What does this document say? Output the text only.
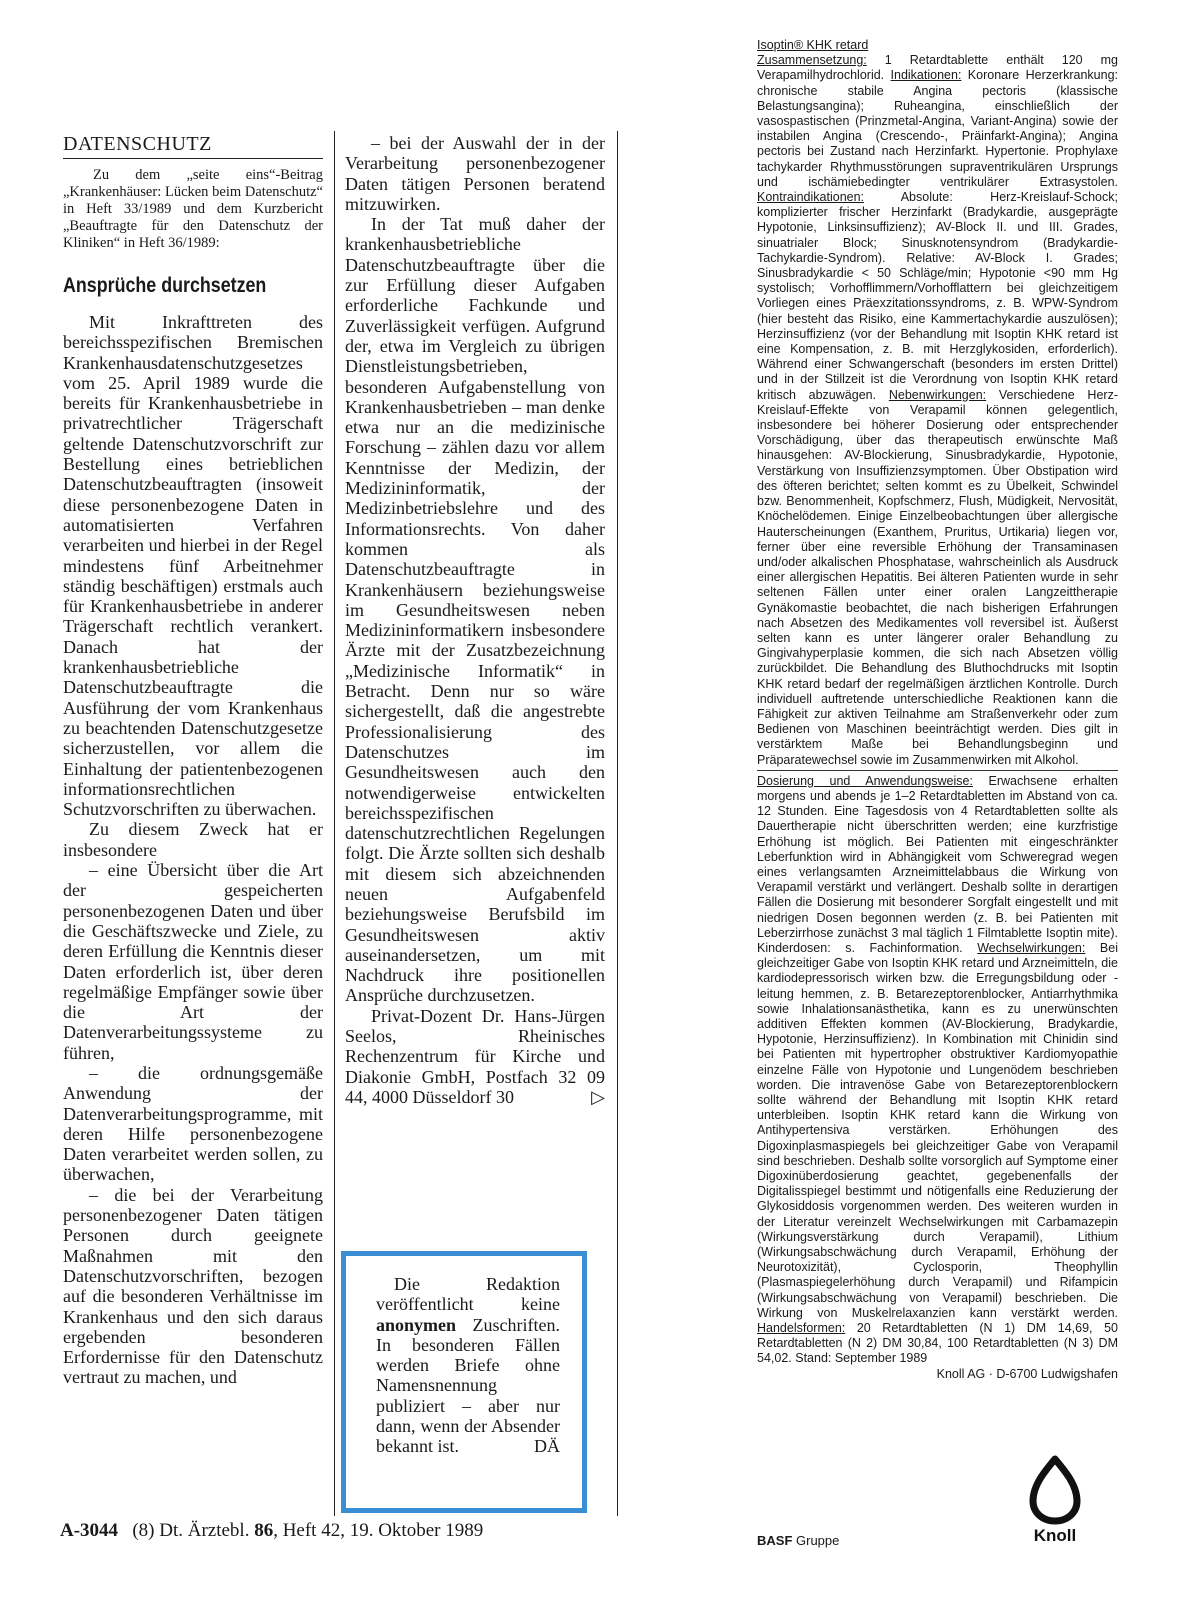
DATENSCHUTZ

Zu dem „seite eins“-Beitrag „Krankenhäuser: Lücken beim Datenschutz“ in Heft 33/1989 und dem Kurzbericht „Beauftragte für den Datenschutz der Kliniken“ in Heft 36/1989:

Ansprüche durchsetzen

Mit Inkrafttreten des bereichsspezifischen Bremischen Krankenhausdatenschutzgesetzes vom 25. April 1989 wurde die bereits für Krankenhausbetriebe in privatrechtlicher Trägerschaft geltende Datenschutzvorschrift zur Bestellung eines betrieblichen Datenschutzbeauftragten (insoweit diese personenbezogene Daten in automatisierten Verfahren verarbeiten und hierbei in der Regel mindestens fünf Arbeitnehmer ständig beschäftigen) erstmals auch für Krankenhausbetriebe in anderer Trägerschaft rechtlich verankert. Danach hat der krankenhausbetriebliche Datenschutzbeauftragte die Ausführung der vom Krankenhaus zu beachtenden Datenschutzgesetze sicherzustellen, vor allem die Einhaltung der patientenbezogenen informationsrechtlichen Schutzvorschriften zu überwachen.

Zu diesem Zweck hat er insbesondere

– eine Übersicht über die Art der gespeicherten personenbezogenen Daten und über die Geschäftszwecke und Ziele, zu deren Erfüllung die Kenntnis dieser Daten erforderlich ist, über deren regelmäßige Empfänger sowie über die Art der Datenverarbeitungssysteme zu führen,

– die ordnungsgemäße Anwendung der Datenverarbeitungsprogramme, mit deren Hilfe personenbezogene Daten verarbeitet werden sollen, zu überwachen,

– die bei der Verarbeitung personenbezogener Daten tätigen Personen durch geeignete Maßnahmen mit den Datenschutzvorschriften, bezogen auf die besonderen Verhältnisse im Krankenhaus und den sich daraus ergebenden besonderen Erfordernisse für den Datenschutz vertraut zu machen, und

– bei der Auswahl der in der Verarbeitung personenbezogener Daten tätigen Personen beratend mitzuwirken.

In der Tat muß daher der krankenhausbetriebliche Datenschutzbeauftragte über die zur Erfüllung dieser Aufgaben erforderliche Fachkunde und Zuverlässigkeit verfügen. Aufgrund der, etwa im Vergleich zu übrigen Dienstleistungsbetrieben, besonderen Aufgabenstellung von Krankenhausbetrieben – man denke etwa nur an die medizinische Forschung – zählen dazu vor allem Kenntnisse der Medizin, der Medizininformatik, der Medizinbetriebslehre und des Informationsrechts. Von daher kommen als Datenschutzbeauftragte in Krankenhäusern beziehungsweise im Gesundheitswesen neben Medizininformatikern insbesondere Ärzte mit der Zusatzbezeichnung „Medizinische Informatik“ in Betracht. Denn nur so wäre sichergestellt, daß die angestrebte Professionalisierung des Datenschutzes im Gesundheitswesen auch den notwendigerweise entwickelten bereichsspezifischen datenschutzrechtlichen Regelungen folgt. Die Ärzte sollten sich deshalb mit diesem sich abzeichnenden neuen Aufgabenfeld beziehungsweise Berufsbild im Gesundheitswesen aktiv auseinandersetzen, um mit Nachdruck ihre positionellen Ansprüche durchzusetzen.

Privat-Dozent Dr. Hans-Jürgen Seelos, Rheinisches Rechenzentrum für Kirche und Diakonie GmbH, Postfach 32 09 44, 4000 Düsseldorf 30	▷

Die Redaktion veröffentlicht keine anonymen Zuschriften. In besonderen Fällen werden Briefe ohne Namensnennung publiziert – aber nur dann, wenn der Absender bekannt ist.	DÄ

Isoptin® KHK retard

Zusammensetzung: 1 Retardtablette enthält 120 mg Verapamilhydrochlorid. Indikationen: Koronare Herzerkrankung: chronische stabile Angina pectoris (klassische Belastungsangina); Ruheangina, einschließlich der vasospastischen (Prinzmetal-Angina, Variant-Angina) sowie der instabilen Angina (Crescendo-, Präinfarkt-Angina); Angina pectoris bei Zustand nach Herzinfarkt. Hypertonie. Prophylaxe tachykarder Rhythmusstörungen supraventrikulären Ursprungs und ischämiebedingter ventrikulärer Extrasystolen. Kontraindikationen: Absolute: Herz-Kreislauf-Schock; komplizierter frischer Herzinfarkt (Bradykardie, ausgeprägte Hypotonie, Linksinsuffizienz); AV-Block II. und III. Grades, sinuatrialer Block; Sinusknotensyndrom (Bradykardie-Tachykardie-Syndrom). Relative: AV-Block I. Grades; Sinusbradykardie < 50 Schläge/min; Hypotonie <90 mm Hg systolisch; Vorhofflimmern/Vorhofflattern bei gleichzeitigem Vorliegen eines Präexzitationssyndroms, z. B. WPW-Syndrom (hier besteht das Risiko, eine Kammertachykardie auszulösen); Herzinsuffizienz (vor der Behandlung mit Isoptin KHK retard ist eine Kompensation, z. B. mit Herzglykosiden, erforderlich). Während einer Schwangerschaft (besonders im ersten Drittel) und in der Stillzeit ist die Verordnung von Isoptin KHK retard kritisch abzuwägen. Nebenwirkungen: Verschiedene Herz-Kreislauf-Effekte von Verapamil können gelegentlich, insbesondere bei höherer Dosierung oder entsprechender Vorschädigung, über das therapeutisch erwünschte Maß hinausgehen: AV-Blockierung, Sinusbradykardie, Hypotonie, Verstärkung von Insuffizienzsymptomen. Über Obstipation wird des öfteren berichtet; selten kommt es zu Übelkeit, Schwindel bzw. Benommenheit, Kopfschmerz, Flush, Müdigkeit, Nervosität, Knöchelödemen. Einige Einzelbeobachtungen über allergische Hauterscheinungen (Exanthem, Pruritus, Urtikaria) liegen vor, ferner über eine reversible Erhöhung der Transaminasen und/oder alkalischen Phosphatase, wahrscheinlich als Ausdruck einer allergischen Hepatitis. Bei älteren Patienten wurde in sehr seltenen Fällen unter einer oralen Langzeittherapie Gynäkomastie beobachtet, die nach bisherigen Erfahrungen nach Absetzen des Medikamentes voll reversibel ist. Äußerst selten kann es unter längerer oraler Behandlung zu Gingivahyperplasie kommen, die sich nach Absetzen völlig zurückbildet. Die Behandlung des Bluthochdrucks mit Isoptin KHK retard bedarf der regelmäßigen ärztlichen Kontrolle. Durch individuell auftretende unterschiedliche Reaktionen kann die Fähigkeit zur aktiven Teilnahme am Straßenverkehr oder zum Bedienen von Maschinen beeinträchtigt werden. Dies gilt in verstärktem Maße bei Behandlungsbeginn und Präparatewechsel sowie im Zusammenwirken mit Alkohol.

Dosierung und Anwendungsweise: Erwachsene erhalten morgens und abends je 1–2 Retardtabletten im Abstand von ca. 12 Stunden. Eine Tagesdosis von 4 Retardtabletten sollte als Dauertherapie nicht überschritten werden; eine kurzfristige Erhöhung ist möglich. Bei Patienten mit eingeschränkter Leberfunktion wird in Abhängigkeit vom Schweregrad wegen eines verlangsamten Arzneimittelabbaus die Wirkung von Verapamil verstärkt und verlängert. Deshalb sollte in derartigen Fällen die Dosierung mit besonderer Sorgfalt eingestellt und mit niedrigen Dosen begonnen werden (z. B. bei Patienten mit Leberzirrhose zunächst 3 mal täglich 1 Filmtablette Isoptin mite). Kinderdosen: s. Fachinformation. Wechselwirkungen: Bei gleichzeitiger Gabe von Isoptin KHK retard und Arzneimitteln, die kardiodepressorisch wirken bzw. die Erregungsbildung oder -leitung hemmen, z. B. Betarezeptorenblocker, Antiarrhythmika sowie Inhalationsanästhetika, kann es zu unerwünschten additiven Effekten kommen (AV-Blockierung, Bradykardie, Hypotonie, Herzinsuffizienz). In Kombination mit Chinidin sind bei Patienten mit hypertropher obstruktiver Kardiomyopathie einzelne Fälle von Hypotonie und Lungenödem beschrieben worden. Die intravenöse Gabe von Betarezeptorenblockern sollte während der Behandlung mit Isoptin KHK retard unterbleiben. Isoptin KHK retard kann die Wirkung von Antihypertensiva verstärken. Erhöhungen des Digoxinplasmaspiegels bei gleichzeitiger Gabe von Verapamil sind beschrieben. Deshalb sollte vorsorglich auf Symptome einer Digoxinüberdosierung geachtet, gegebenenfalls der Digitalisspiegel bestimmt und nötigenfalls eine Reduzierung der Glykosiddosis vorgenommen werden. Des weiteren wurden in der Literatur vereinzelt Wechselwirkungen mit Carbamazepin (Wirkungsverstärkung durch Verapamil), Lithium (Wirkungsabschwächung durch Verapamil, Erhöhung der Neurotoxizität), Cyclosporin, Theophyllin (Plasmaspiegelerhöhung durch Verapamil) und Rifampicin (Wirkungsabschwächung von Verapamil) beschrieben. Die Wirkung von Muskelrelaxanzien kann verstärkt werden. Handelsformen: 20 Retardtabletten (N 1) DM 14,69, 50 Retardtabletten (N 2) DM 30,84, 100 Retardtabletten (N 3) DM 54,02. Stand: September 1989

Knoll AG · D-6700 Ludwigshafen

A-3044 (8) Dt. Ärztebl. 86, Heft 42, 19. Oktober 1989	BASF Gruppe	Knoll
